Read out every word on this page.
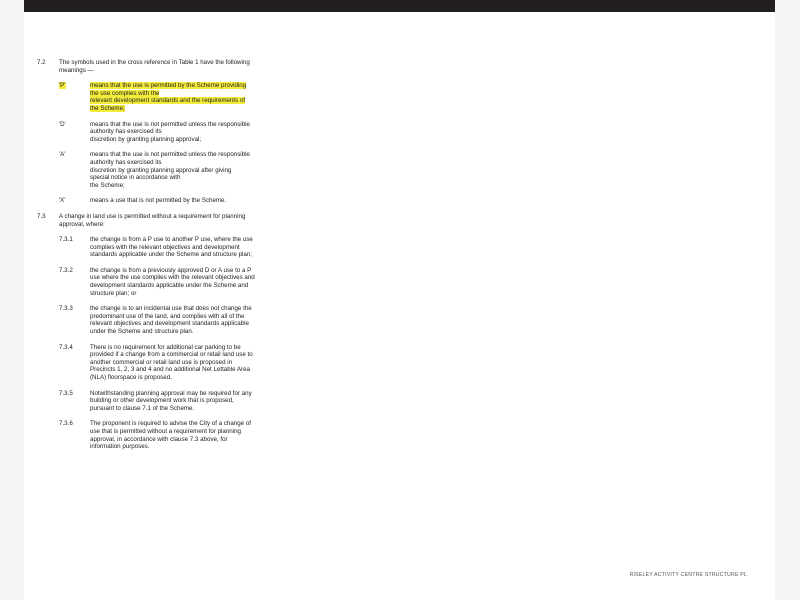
7.2	The symbols used in the cross reference in Table 1 have the following meanings —
'P'	means that the use is permitted by the Scheme providing
the use complies with the
relevant development standards and the requirements of
the Scheme;
'D'	means that the use is not permitted unless the responsible
authority has exercised its
discretion by granting planning approval;
'A'	means that the use is not permitted unless the responsible
authority has exercised its
discretion by granting planning approval after giving
special notice in accordance with
the Scheme;
'X'	means a use that is not permitted by the Scheme.
7.3	A change in land use is permitted without a requirement for planning approval, where:
7.3.1	the change is from a P use to another P use, where the use complies with the relevant objectives and development standards applicable under the Scheme and structure plan;
7.3.2	the change is from a previously approved D or A use to a P use where the use complies with the relevant objectives and development standards applicable under the Scheme and structure plan; or
7.3.3	the change is to an incidental use that does not change the predominant use of the land, and complies with all of the relevant objectives and development standards applicable under the Scheme and structure plan.
7.3.4	There is no requirement for additional car parking to be provided if a change from a commercial or retail land use to another commercial or retail land use is proposed in Precincts 1, 2, 3 and 4 and no additional Net Lettable Area (NLA) floorspace is proposed.
7.3.5	Notwithstanding planning approval may be required for any building or other development work that is proposed, pursuant to clause 7.1 of the Scheme.
7.3.6	The proponent is required to advise the City of a change of use that is permitted without a requirement for planning approval, in accordance with clause 7.3 above, for information purposes.
RISELEY ACTIVITY CENTRE STRUCTURE PL
